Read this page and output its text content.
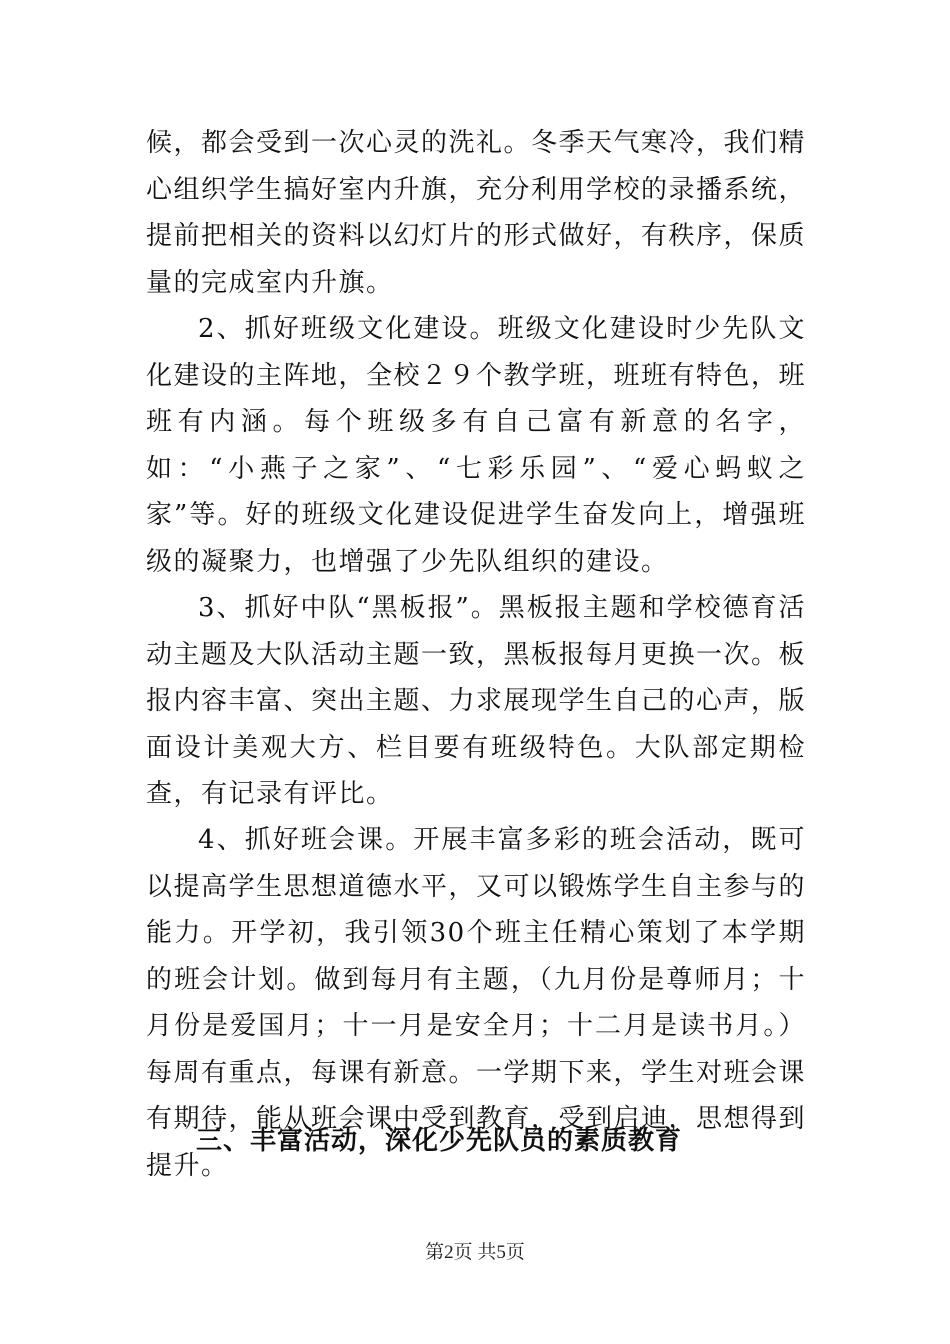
候，都会受到一次心灵的洗礼。冬季天气寒冷，我们精心组织学生搞好室内升旗，充分利用学校的录播系统，提前把相关的资料以幻灯片的形式做好，有秩序，保质量的完成室内升旗。

2、抓好班级文化建设。班级文化建设时少先队文化建设的主阵地，全校２９个教学班，班班有特色，班班有内涵。每个班级多有自己富有新意的名字，如：“小燕子之家”、“七彩乐园”、“爱心蚂蚁之家”等。好的班级文化建设促进学生奋发向上，增强班级的凝聚力，也增强了少先队组织的建设。

3、抓好中队“黑板报”。黑板报主题和学校德育活动主题及大队活动主题一致，黑板报每月更换一次。板报内容丰富、突出主题、力求展现学生自己的心声，版面设计美观大方、栏目要有班级特色。大队部定期检查，有记录有评比。

4、抓好班会课。开展丰富多彩的班会活动，既可以提高学生思想道德水平，又可以锻炼学生自主参与的能力。开学初，我引领30个班主任精心策划了本学期的班会计划。做到每月有主题，（九月份是尊师月；十月份是爱国月；十一月是安全月；十二月是读书月。）每周有重点，每课有新意。一学期下来，学生对班会课有期待，能从班会课中受到教育，受到启迪，思想得到提升。

三、丰富活动，深化少先队员的素质教育
第2页 共5页
